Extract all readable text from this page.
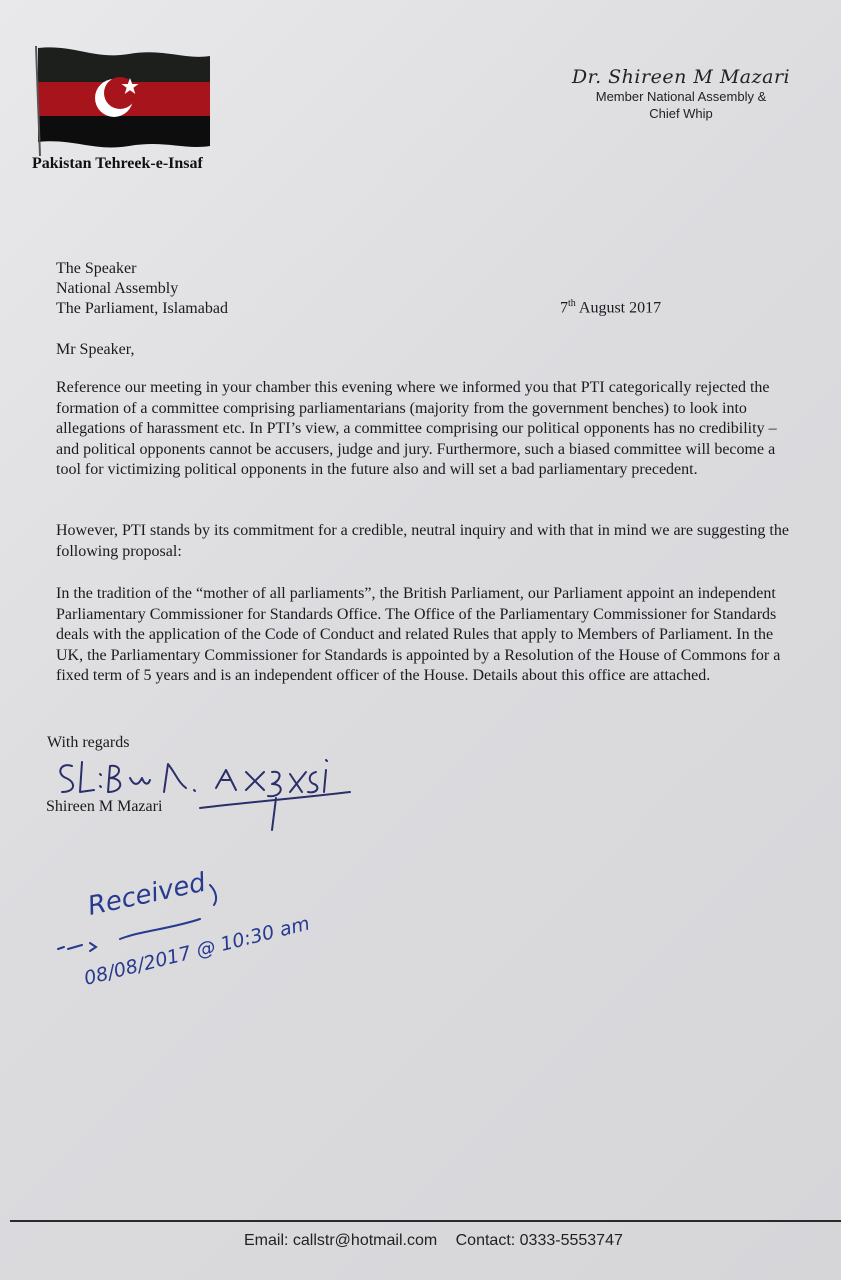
Pakistan Tehreek-e-Insaf
Dr. Shireen M Mazari
Member National Assembly &
Chief Whip
The Speaker
National Assembly
The Parliament, Islamabad	7th August 2017
Mr Speaker,

Reference our meeting in your chamber this evening where we informed you that PTI categorically rejected the formation of a committee comprising parliamentarians (majority from the government benches) to look into allegations of harassment etc. In PTI’s view, a committee comprising our political opponents has no credibility – and political opponents cannot be accusers, judge and jury. Furthermore, such a biased committee will become a tool for victimizing political opponents in the future also and will set a bad parliamentary precedent.

However, PTI stands by its commitment for a credible, neutral inquiry and with that in mind we are suggesting the following proposal:

In the tradition of the “mother of all parliaments”, the British Parliament, our Parliament appoint an independent Parliamentary Commissioner for Standards Office. The Office of the Parliamentary Commissioner for Standards deals with the application of the Code of Conduct and related Rules that apply to Members of Parliament. In the UK, the Parliamentary Commissioner for Standards is appointed by a Resolution of the House of Commons for a fixed term of 5 years and is an independent officer of the House. Details about this office are attached.

With regards
Shireen M Mazari
Received
08/08/2017 @ 10:30 am
Email: callstr@hotmail.com Contact: 0333-5553747
